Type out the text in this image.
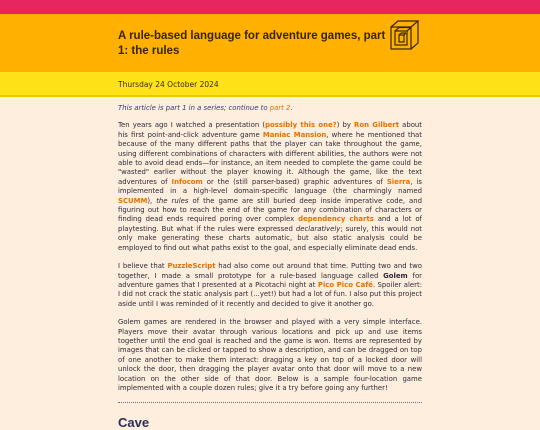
A rule-based language for adventure games, part 1: the rules
Thursday 24 October 2024

This article is part 1 in a series; continue to part 2.

Ten years ago I watched a presentation (possibly this one?) by Ron Gilbert about his first point-and-click adventure game Maniac Mansion, where he mentioned that because of the many different paths that the player can take throughout the game, using different combinations of characters with different abilities, the authors were not able to avoid dead ends—for instance, an item needed to complete the game could be "wasted" earlier without the player knowing it. Although the game, like the text adventures of Infocom or the (still parser-based) graphic adventures of Sierra, is implemented in a high-level domain-specific language (the charmingly named SCUMM), the rules of the game are still buried deep inside imperative code, and figuring out how to reach the end of the game for any combination of characters or finding dead ends required poring over complex dependency charts and a lot of playtesting. But what if the rules were expressed declaratively; surely, this would not only make generating these charts automatic, but also static analysis could be employed to find out what paths exist to the goal, and especially eliminate dead ends.

I believe that PuzzleScript had also come out around that time. Putting two and two together, I made a small prototype for a rule-based language called Golem for adventure games that I presented at a Picotachi night at Pico Pico Café. Spoiler alert: I did not crack the static analysis part (...yet!) but had a lot of fun. I also put this project aside until I was reminded of it recently and decided to give it another go.

Golem games are rendered in the browser and played with a very simple interface. Players move their avatar through various locations and pick up and use items together until the end goal is reached and the game is won. Items are represented by images that can be clicked or tapped to show a description, and can be dragged on top of one another to make them interact: dragging a key on top of a locked door will unlock the door, then dragging the player avatar onto that door will move to a new location on the other side of that door. Below is a sample four-location game implemented with a couple dozen rules; give it a try before going any further!

Cave
